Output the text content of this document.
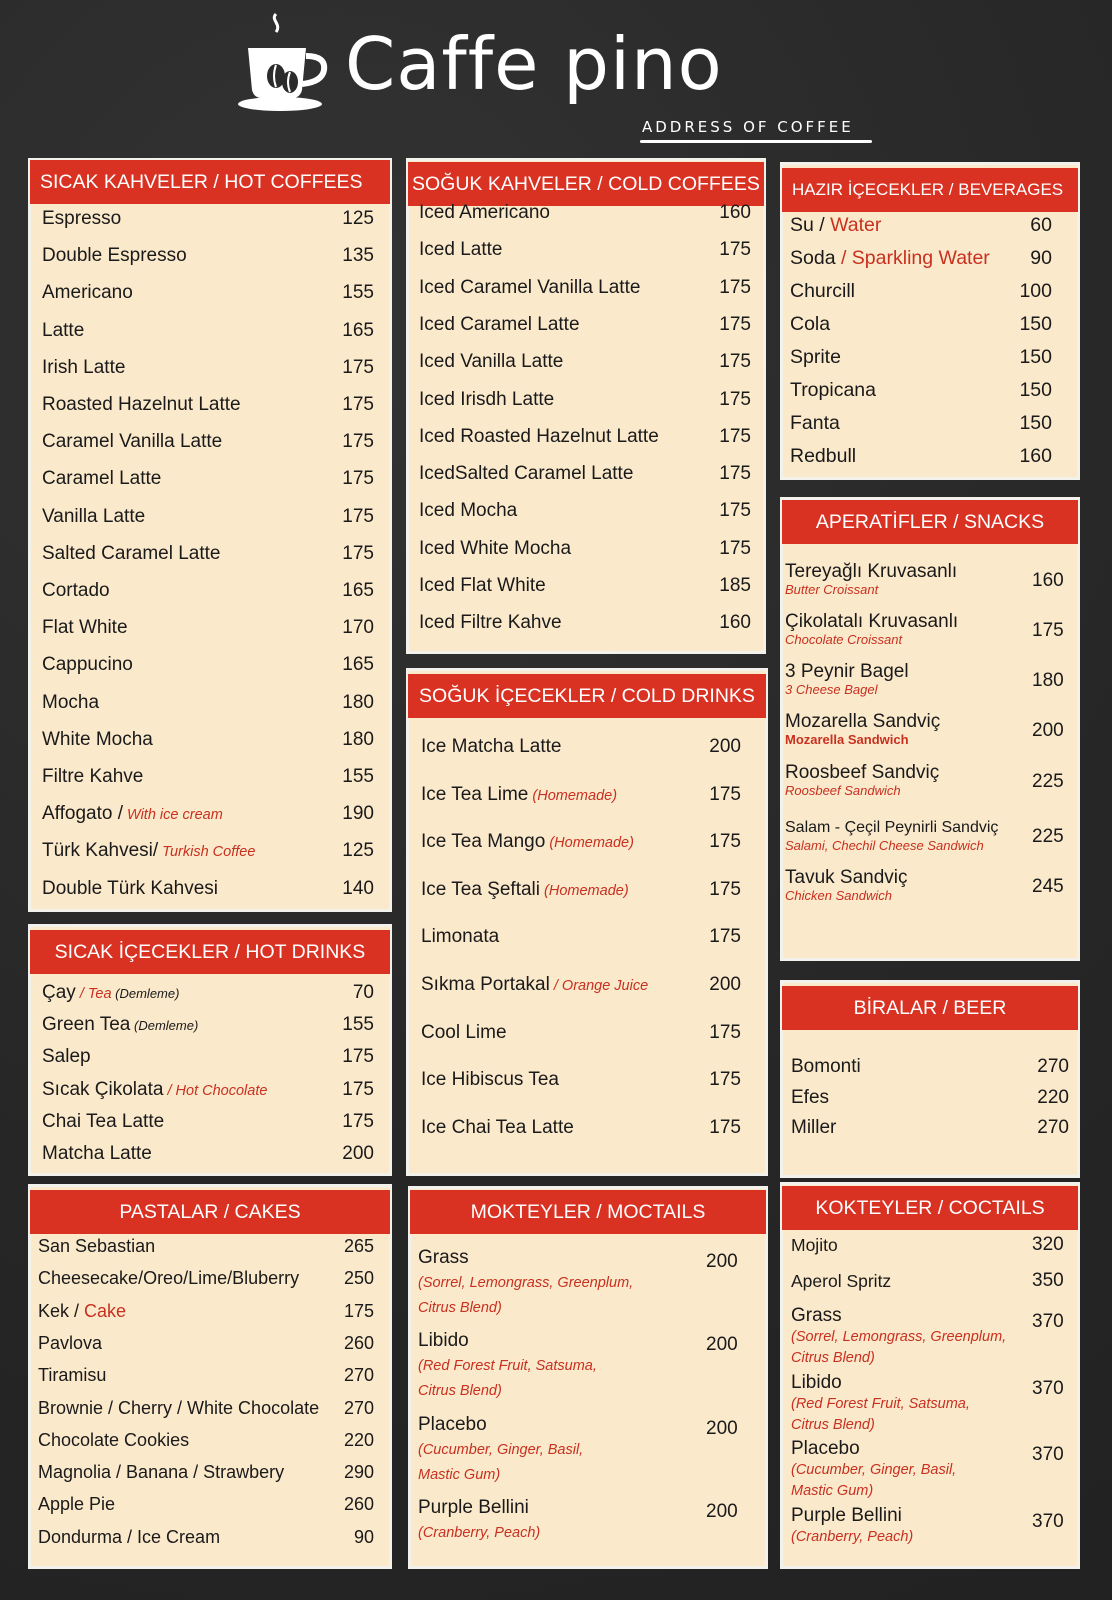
Caffe pino
ADDRESS OF COFFEE
SICAK KAHVELER / HOT COFFEES
Espresso	125
Double Espresso	135
Americano	155
Latte	165
Irish Latte	175
Roasted Hazelnut Latte	175
Caramel Vanilla Latte	175
Caramel Latte	175
Vanilla Latte	175
Salted Caramel Latte	175
Cortado	165
Flat White	170
Cappucino	165
Mocha	180
White Mocha	180
Filtre Kahve	155
Affogato / With ice cream	190
Türk Kahvesi/ Turkish Coffee	125
Double Türk Kahvesi	140
SOĞUK KAHVELER / COLD COFFEES
Iced Americano	160
Iced Latte	175
Iced Caramel Vanilla Latte	175
Iced Caramel Latte	175
Iced Vanilla Latte	175
Iced Irisdh Latte	175
Iced Roasted Hazelnut Latte	175
IcedSalted Caramel Latte	175
Iced Mocha	175
Iced White Mocha	175
Iced Flat White	185
Iced Filtre Kahve	160
HAZIR İÇECEKLER / BEVERAGES
Su / Water	60
Soda / Sparkling Water 90
Churcill	100
Cola	150
Sprite	150
Tropicana	150
Fanta	150
Redbull	160
APERATİFLER / SNACKS
Tereyağlı Kruvasanlı
Butter Croissant	160
Çikolatalı Kruvasanlı
Chocolate Croissant	175
3 Peynir Bagel
3 Cheese Bagel	180
Mozarella Sandviç
Mozarella Sandwich	200
Roosbeef Sandviç
Roosbeef Sandwich	225
Salam - Çeçil Peynirli Sandviç
Salami, Chechil Cheese Sandwich	225
Tavuk Sandviç
Chicken Sandwich	245
SICAK İÇECEKLER / HOT DRINKS
Çay / Tea (Demleme)	70
Green Tea (Demleme)	155
Salep	175
Sıcak Çikolata / Hot Chocolate	175
Chai Tea Latte	175
Matcha Latte	200
SOĞUK İÇECEKLER / COLD DRINKS
Ice Matcha Latte	200
Ice Tea Lime (Homemade)	175
Ice Tea Mango (Homemade)	175
Ice Tea Şeftali (Homemade)	175
Limonata	175
Sıkma Portakal / Orange Juice	200
Cool Lime	175
Ice Hibiscus Tea	175
Ice Chai Tea Latte	175
BİRALAR / BEER
Bomonti	270
Efes	220
Miller	270
PASTALAR / CAKES
San Sebastian	265
Cheesecake/Oreo/Lime/Bluberry 250
Kek / Cake	175
Pavlova	260
Tiramisu	270
Brownie / Cherry / White Chocolate 270
Chocolate Cookies	220
Magnolia / Banana / Strawbery	290
Apple Pie	260
Dondurma / Ice Cream	90
MOKTEYLER / MOCTAILS
Grass
(Sorrel, Lemongrass, Greenplum,
Citrus Blend)
200
Libido
(Red Forest Fruit, Satsuma,
Citrus Blend)
200
Placebo
(Cucumber, Ginger, Basil,
Mastic Gum)
200
Purple Bellini
(Cranberry, Peach)
200
KOKTEYLER / COCTAILS
Mojito	320
Aperol Spritz	350
Grass
(Sorrel, Lemongrass, Greenplum,
Citrus Blend)
370
Libido
(Red Forest Fruit, Satsuma,
Citrus Blend)
370
Placebo
(Cucumber, Ginger, Basil,
Mastic Gum)
370
Purple Bellini
(Cranberry, Peach)
370
